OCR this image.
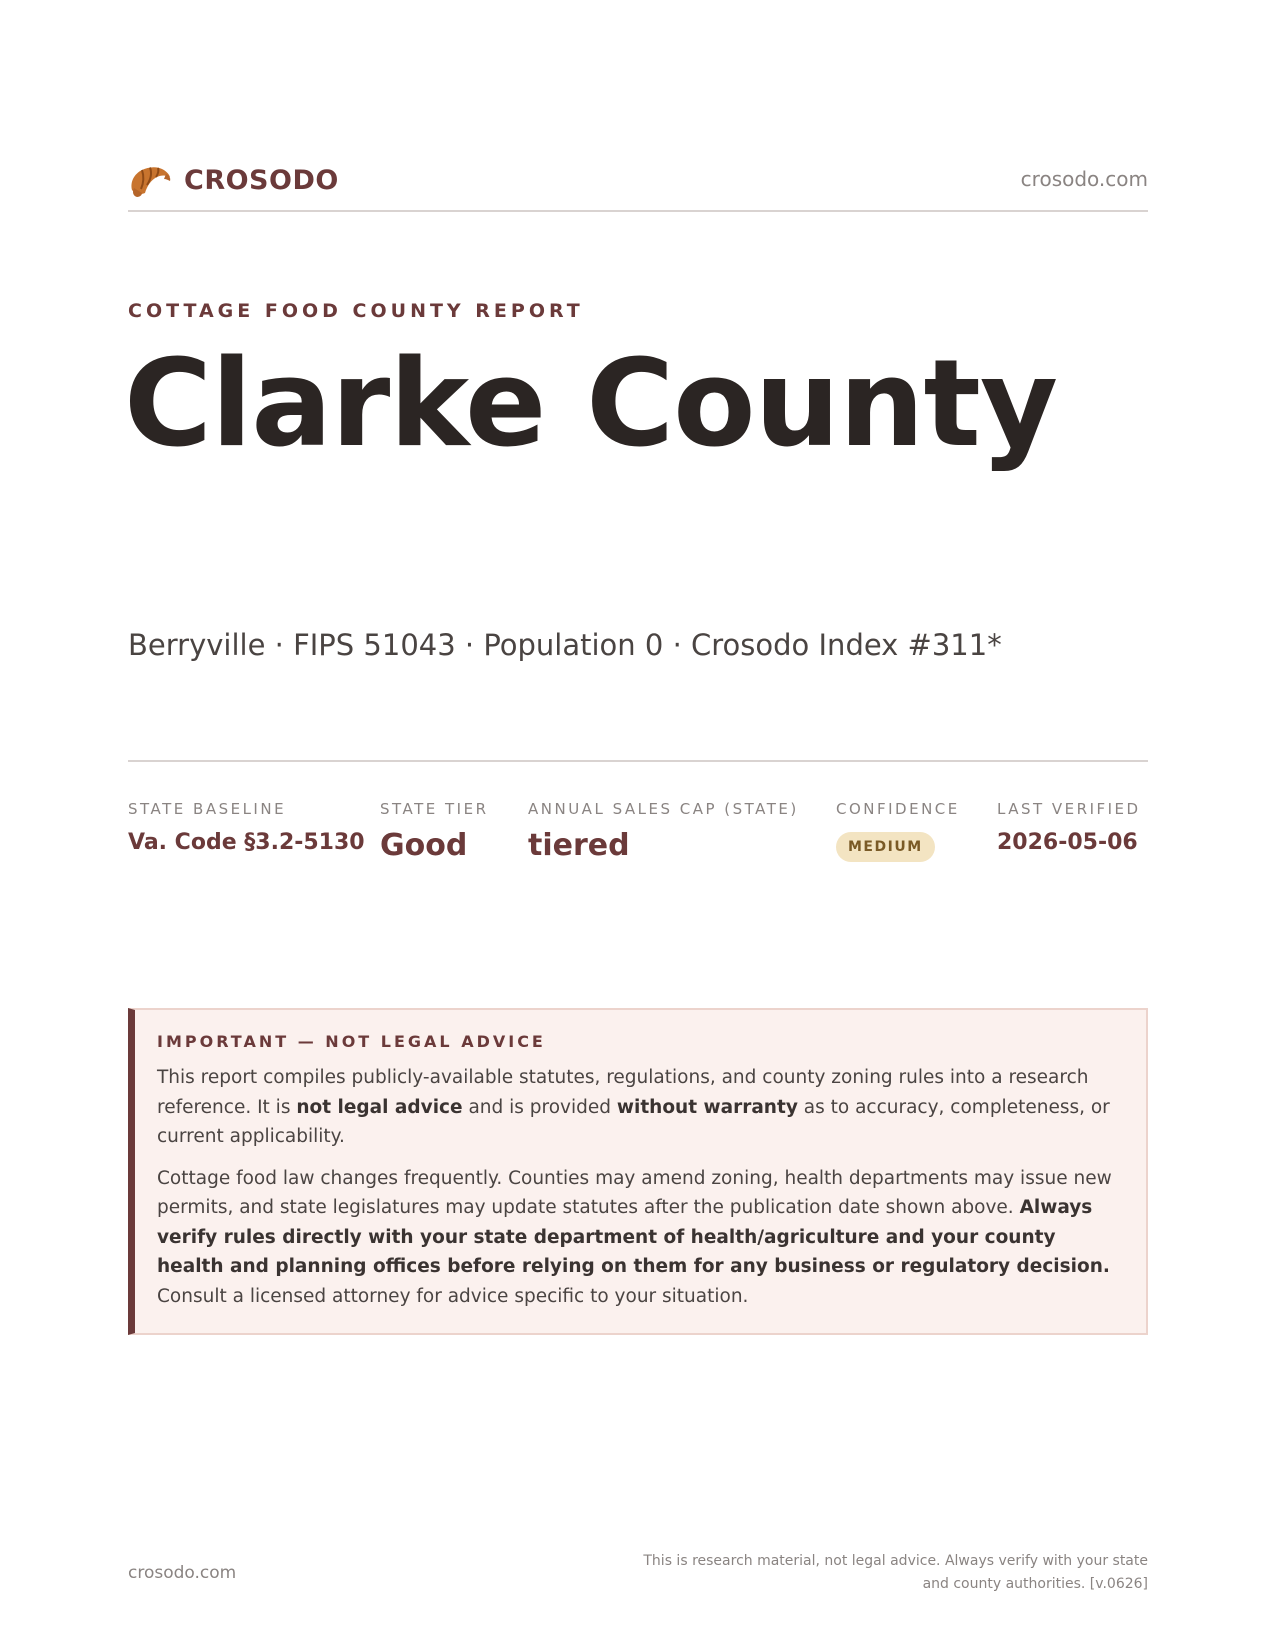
CROSODO	crosodo.com
COTTAGE FOOD COUNTY REPORT
Clarke County
Berryville · FIPS 51043 · Population 0 · Crosodo Index #311*
STATE BASELINE
Va. Code §3.2-5130
STATE TIER
Good
ANNUAL SALES CAP (STATE)
tiered
CONFIDENCE
MEDIUM
LAST VERIFIED
2026-05-06
IMPORTANT — NOT LEGAL ADVICE

This report compiles publicly-available statutes, regulations, and county zoning rules into a research reference. It is not legal advice and is provided without warranty as to accuracy, completeness, or current applicability.

Cottage food law changes frequently. Counties may amend zoning, health departments may issue new permits, and state legislatures may update statutes after the publication date shown above. Always verify rules directly with your state department of health/agriculture and your county health and planning offices before relying on them for any business or regulatory decision. Consult a licensed attorney for advice specific to your situation.

crosodo.com
This is research material, not legal advice. Always verify with your state
and county authorities. [v.0626]
